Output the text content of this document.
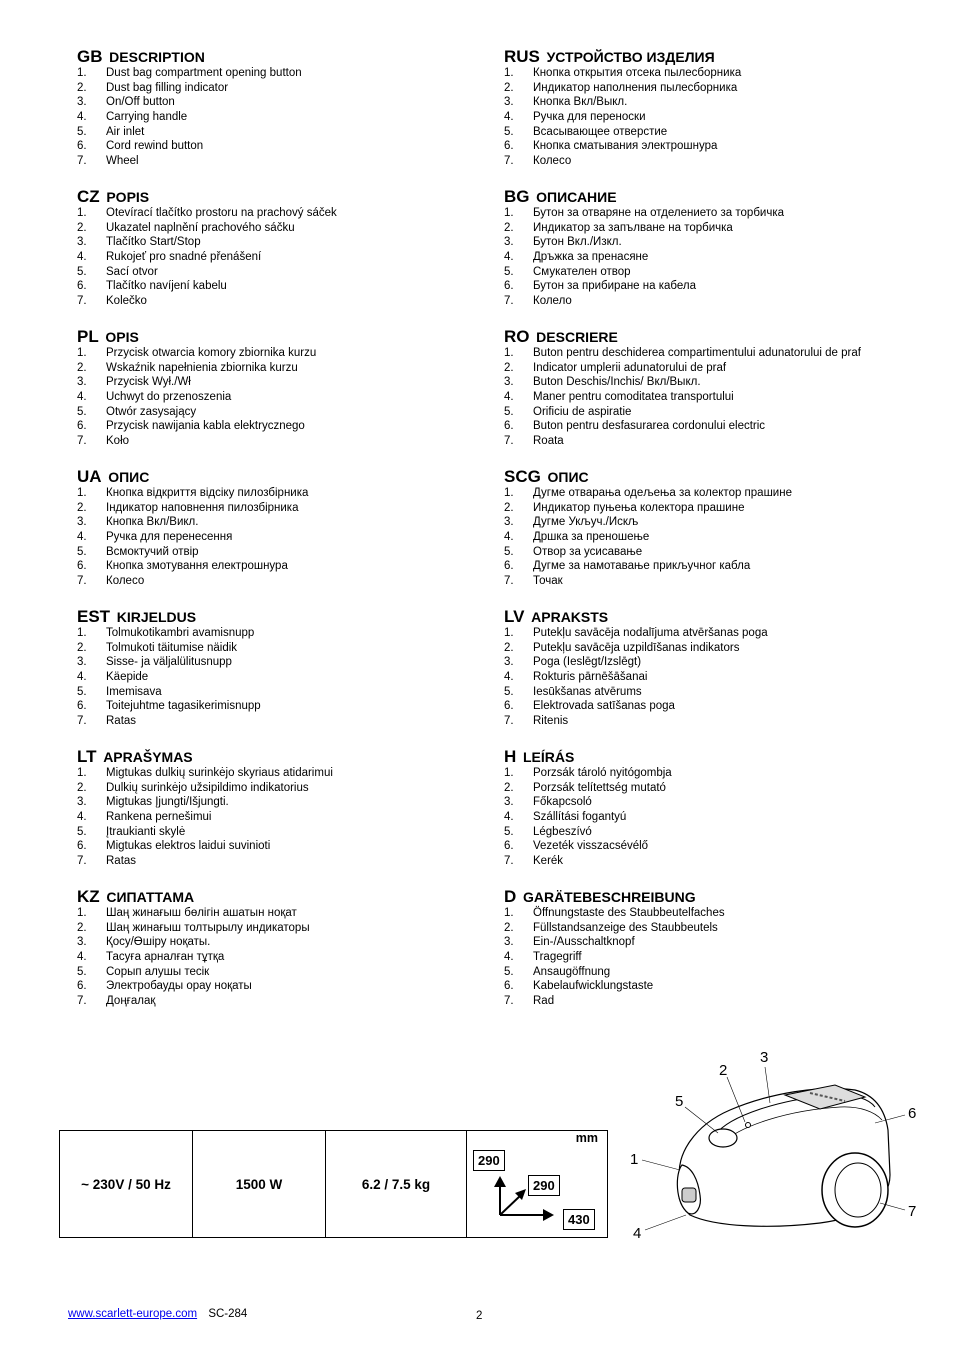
GB DESCRIPTION
1. Dust bag compartment opening button
2. Dust bag filling indicator
3. On/Off button
4. Carrying handle
5. Air inlet
6. Cord rewind button
7. Wheel
CZ POPIS
1. Otevírací tlačítko prostoru na prachový sáček
2. Ukazatel naplnění prachového sáčku
3. Tlačítko Start/Stop
4. Rukojeť pro snadné přenášení
5. Sací otvor
6. Tlačítko navíjení kabelu
7. Kolečko
PL OPIS
1. Przycisk otwarcia komory zbiornika kurzu
2. Wskaźnik napełnienia zbiornika kurzu
3. Przycisk Wył./Wł
4. Uchwyt do przenoszenia
5. Otwór zasysający
6. Przycisk nawijania kabla elektrycznego
7. Koło
UA ОПИС
1. Кнопка відкриття відсіку пилозбірника
2. Індикатор наповнення пилозбірника
3. Кнопка Вкл/Викл.
4. Ручка для перенесення
5. Всмоктучий отвір
6. Кнопка змотування електрошнура
7. Колесо
EST KIRJELDUS
1. Tolmukotikambri avamisnupp
2. Tolmukoti täitumise näidik
3. Sisse- ja väljalülitusnupp
4. Käepide
5. Imemisava
6. Toitejuhtme tagasikerimisnupp
7. Ratas
LT APRAŠYMAS
1. Migtukas dulkių surinkėjo skyriaus atidarimui
2. Dulkių surinkėjo užsipildimo indikatorius
3. Migtukas Įjungti/Išjungti.
4. Rankena pernešimui
5. Įtraukianti skylė
6. Migtukas elektros laidui suvinioti
7. Ratas
KZ СИПАТТАМА
1. Шаң жинағыш бөлігін ашатын ноқат
2. Шаң жинағыш толтырылу индикаторы
3. Қосу/Өшіру ноқаты.
4. Тасуға арналған тұтқа
5. Сорып алушы тесік
6. Электробауды орау ноқаты
7. Доңғалақ
RUS УСТРОЙСТВО ИЗДЕЛИЯ
1. Кнопка открытия отсека пылесборника
2. Индикатор наполнения пылесборника
3. Кнопка Вкл/Выкл.
4. Ручка для переноски
5. Всасывающее отверстие
6. Кнопка сматывания электрошнура
7. Колесо
BG ОПИСАНИЕ
1. Бутон за отваряне на отделението за торбичка
2. Индикатор за запълване на торбичка
3. Бутон Вкл./Изкл.
4. Дръжка за пренасяне
5. Смукателен отвор
6. Бутон за прибиране на кабела
7. Колело
RO DESCRIERE
1. Buton pentru deschiderea compartimentului adunatorului de praf
2. Indicator umplerii adunatorului de praf
3. Buton Deschis/Inchis/ Вкл/Выкл.
4. Maner pentru comoditatea transportului
5. Orificiu de aspiratie
6. Buton pentru desfasurarea cordonului electric
7. Roata
SCG ОПИС
1. Дугме отварања одељења за колектор прашине
2. Индикатор пуњења колектора прашине
3. Дугме Укључ./Искљ
4. Дршка за преношење
5. Отвор за усисавање
6. Дугме за намотавање прикључног кабла
7. Точак
LV APRAKSTS
1. Putekļu savācēja nodalījuma atvēršanas poga
2. Putekļu savācēja uzpildīšanas indikators
3. Poga (Ieslēgt/Izslēgt)
4. Rokturis pārnēšāšanai
5. Iesūkšanas atvērums
6. Elektrovada satīšanas poga
7. Ritenis
H LEÍRÁS
1. Porzsák tároló nyitógombja
2. Porzsák telítettség mutató
3. Főkapcsoló
4. Szállítási fogantyú
5. Légbeszívó
6. Vezeték visszacsévélő
7. Kerék
D GARÄTEBESCHREIBUNG
1. Öffnungstaste des Staubbeutelfaches
2. Füllstandsanzeige des Staubbeutels
3. Ein-/Ausschaltknopf
4. Tragegriff
5. Ansaugöffnung
6. Kabelaufwicklungstaste
7. Rad
~ 230V / 50 Hz	1500 W	6.2 / 7.5 kg
mm
290
290
430
1
2
3
4
5
6
7
www.scarlett-europe.com SC-284	2
